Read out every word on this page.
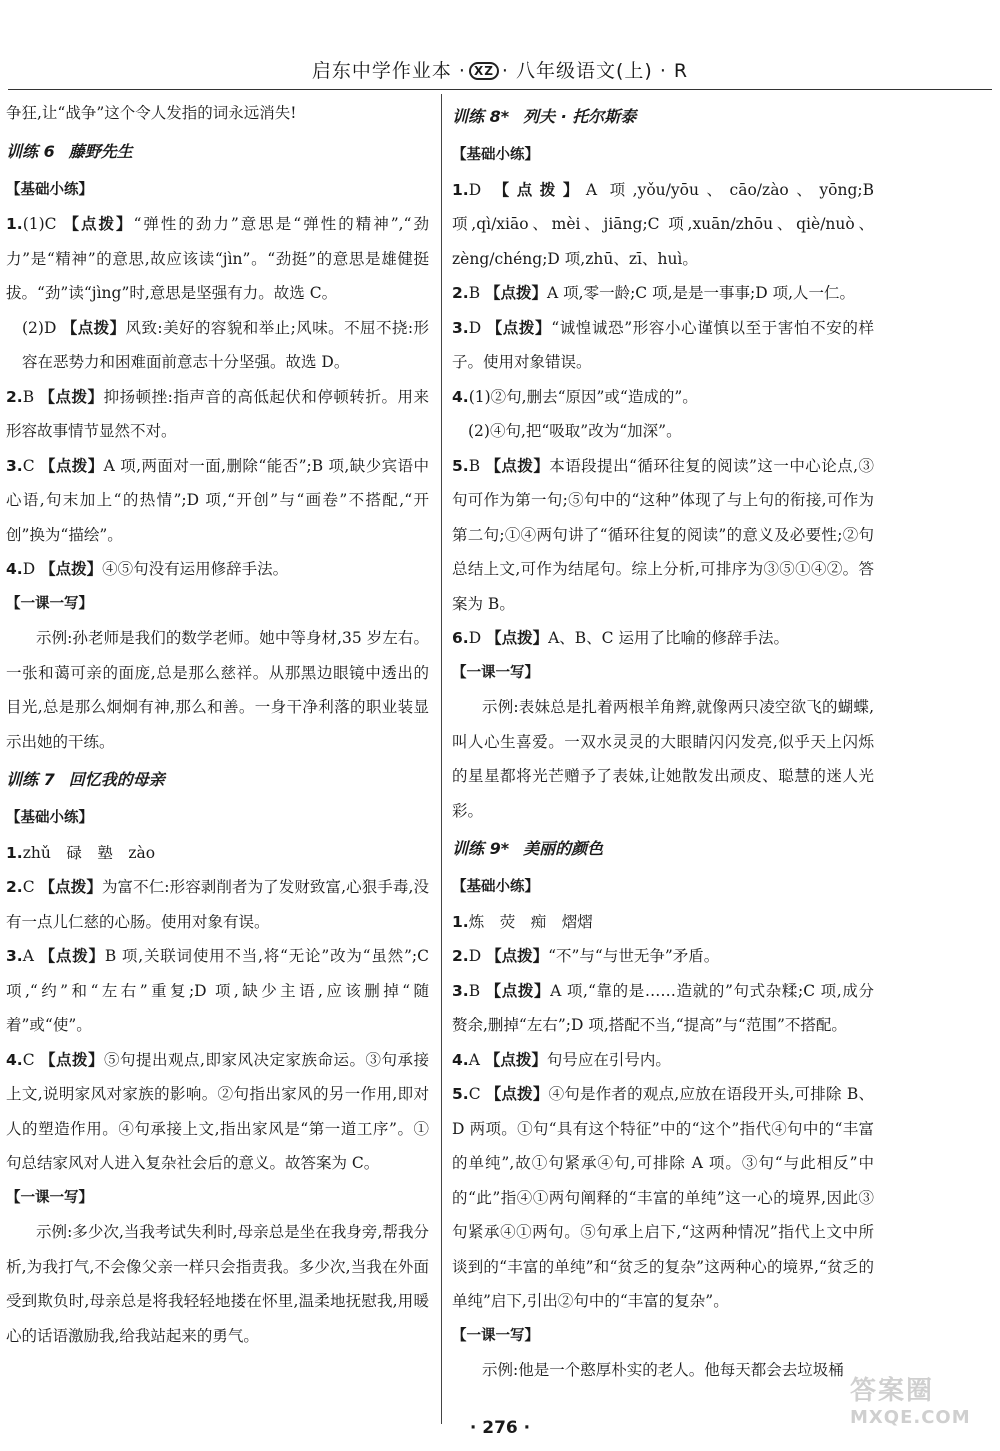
启东中学作业本 · XZ · 八年级语文(上) · R

争狂,让“战争”这个令人发指的词永远消失!

训练 6 藤野先生

【基础小练】

1.(1)C 【点拨】“弹性的劲力”意思是“弹性的精神”,“劲力”是“精神”的意思,故应该读“jìn”。“劲挺”的意思是雄健挺拔。“劲”读“jìng”时,意思是坚强有力。故选 C。

(2)D 【点拨】风致:美好的容貌和举止;风味。不屈不挠:形容在恶势力和困难面前意志十分坚强。故选 D。

2.B 【点拨】抑扬顿挫:指声音的高低起伏和停顿转折。用来形容故事情节显然不对。

3.C 【点拨】A 项,两面对一面,删除“能否”;B 项,缺少宾语中心语,句末加上“的热情”;D 项,“开创”与“画卷”不搭配,“开创”换为“描绘”。

4.D 【点拨】④⑤句没有运用修辞手法。

【一课一写】

示例:孙老师是我们的数学老师。她中等身材,35 岁左右。一张和蔼可亲的面庞,总是那么慈祥。从那黑边眼镜中透出的目光,总是那么炯炯有神,那么和善。一身干净利落的职业装显示出她的干练。

训练 7 回忆我的母亲

【基础小练】

1.zhǔ　碌　塾　zào

2.C 【点拨】为富不仁:形容剥削者为了发财致富,心狠手毒,没有一点儿仁慈的心肠。使用对象有误。

3.A 【点拨】B 项,关联词使用不当,将“无论”改为“虽然”;C 项,“约”和“左右”重复;D 项,缺少主语,应该删掉“随着”或“使”。

4.C 【点拨】⑤句提出观点,即家风决定家族命运。③句承接上文,说明家风对家族的影响。②句指出家风的另一作用,即对人的塑造作用。④句承接上文,指出家风是“第一道工序”。①句总结家风对人进入复杂社会后的意义。故答案为 C。

【一课一写】

示例:多少次,当我考试失利时,母亲总是坐在我身旁,帮我分析,为我打气,不会像父亲一样只会指责我。多少次,当我在外面受到欺负时,母亲总是将我轻轻地搂在怀里,温柔地抚慰我,用暖心的话语激励我,给我站起来的勇气。

训练 8* 列夫 · 托尔斯泰

【基础小练】

1.D 【点拨】A 项,yǒu/yōu、cāo/zào、yōng;B 项,qì/xiāo、mèi、jiāng;C 项,xuān/zhōu、qiè/nuò、zèng/chéng;D 项,zhū、zī、huì。

2.B 【点拨】A 项,零一龄;C 项,是是一事事;D 项,人一仁。

3.D 【点拨】“诚惶诚恐”形容小心谨慎以至于害怕不安的样子。使用对象错误。

4.(1)②句,删去“原因”或“造成的”。

(2)④句,把“吸取”改为“加深”。

5.B 【点拨】本语段提出“循环往复的阅读”这一中心论点,③句可作为第一句;⑤句中的“这种”体现了与上句的衔接,可作为第二句;①④两句讲了“循环往复的阅读”的意义及必要性;②句总结上文,可作为结尾句。综上分析,可排序为③⑤①④②。答案为 B。

6.D 【点拨】A、B、C 运用了比喻的修辞手法。

【一课一写】

示例:表妹总是扎着两根羊角辫,就像两只凌空欲飞的蝴蝶,叫人心生喜爱。一双水灵灵的大眼睛闪闪发亮,似乎天上闪烁的星星都将光芒赠予了表妹,让她散发出顽皮、聪慧的迷人光彩。

训练 9* 美丽的颜色

【基础小练】

1.炼　荧　痴　熠熠

2.D 【点拨】“不”与“与世无争”矛盾。

3.B 【点拨】A 项,“靠的是……造就的”句式杂糅;C 项,成分赘余,删掉“左右”;D 项,搭配不当,“提高”与“范围”不搭配。

4.A 【点拨】句号应在引号内。

5.C 【点拨】④句是作者的观点,应放在语段开头,可排除 B、D 两项。①句“具有这个特征”中的“这个”指代④句中的“丰富的单纯”,故①句紧承④句,可排除 A 项。③句“与此相反”中的“此”指④①两句阐释的“丰富的单纯”这一心的境界,因此③句紧承④①两句。⑤句承上启下,“这两种情况”指代上文中所谈到的“丰富的单纯”和“贫乏的复杂”这两种心的境界,“贫乏的单纯”启下,引出②句中的“丰富的复杂”。

【一课一写】

示例:他是一个憨厚朴实的老人。他每天都会去垃圾桶

· 276 ·
答案圈
MXQE.COM
